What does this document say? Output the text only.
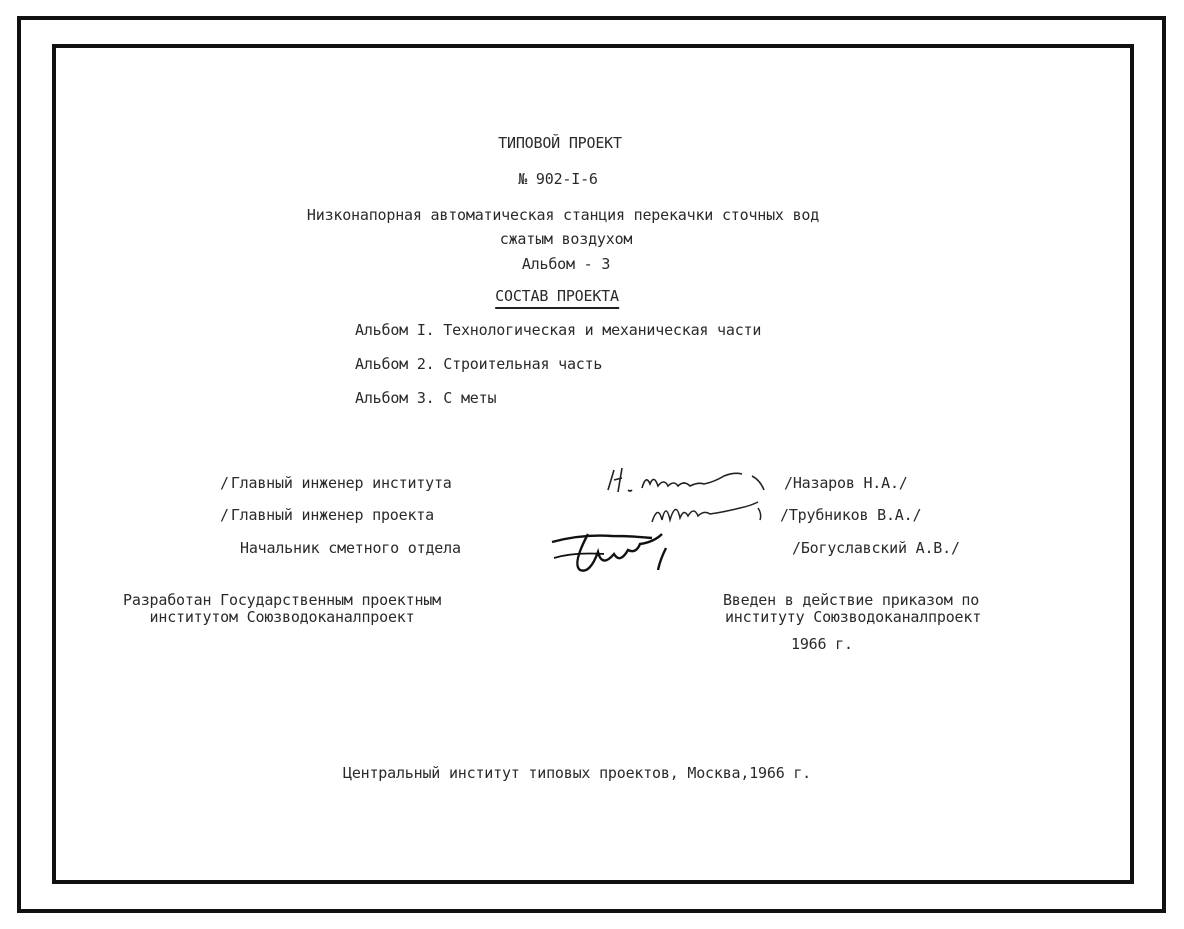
ТИПОВОЙ ПРОЕКТ
№ 902-I-6
Низконапорная автоматическая станция перекачки сточных вод
сжатым воздухом
Альбом - 3
СОСТАВ ПРОЕКТА
Альбом I. Технологическая и механическая части
Альбом 2. Строительная часть
Альбом 3. С меты
/ Главный инженер института	/Назаров Н.А./
/ Главный инженер проекта	/Трубников В.А./
Начальник сметного отдела	/Богуславский А.В./
Разработан Государственным проектным
институтом Союзводоканалпроект
Введен в действие приказом по
институту Союзводоканалпроект
1966 г.
Центральный институт типовых проектов, Москва,1966 г.
